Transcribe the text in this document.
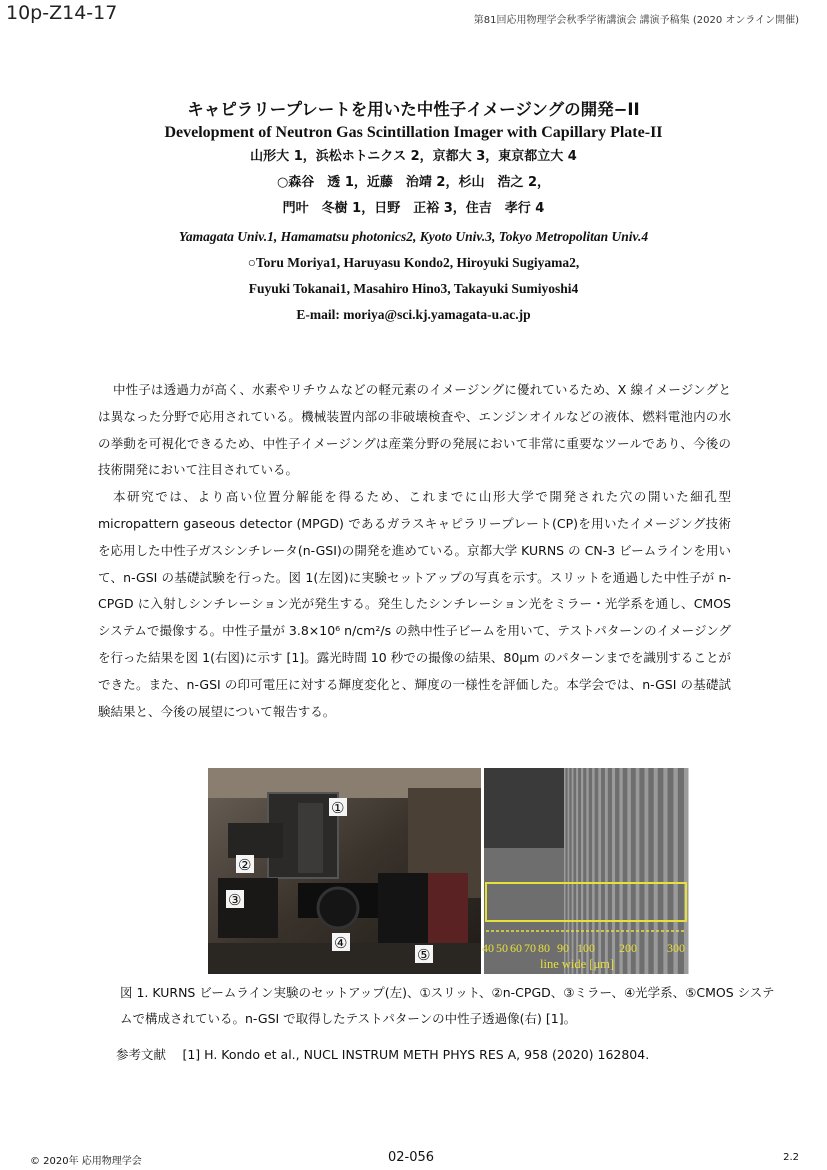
10p-Z14-17	第81回応用物理学会秋季学術講演会 講演予稿集 (2020 オンライン開催)
キャピラリープレートを用いた中性子イメージングの開発−II
Development of Neutron Gas Scintillation Imager with Capillary Plate-II
山形大 1，浜松ホトニクス 2，京都大 3，東京都立大 4
○森谷　透 1，近藤　治靖 2，杉山　浩之 2，
門叶　冬樹 1，日野　正裕 3，住吉　孝行 4
Yamagata Univ.1, Hamamatsu photonics2, Kyoto Univ.3, Tokyo Metropolitan Univ.4
○Toru Moriya1, Haruyasu Kondo2, Hiroyuki Sugiyama2,
Fuyuki Tokanai1, Masahiro Hino3, Takayuki Sumiyoshi4
E-mail: moriya@sci.kj.yamagata-u.ac.jp

中性子は透過力が高く、水素やリチウムなどの軽元素のイメージングに優れているため、X 線イメージングとは異なった分野で応用されている。機械装置内部の非破壊検査や、エンジンオイルなどの液体、燃料電池内の水の挙動を可視化できるため、中性子イメージングは産業分野の発展において非常に重要なツールであり、今後の技術開発において注目されている。

本研究では、より高い位置分解能を得るため、これまでに山形大学で開発された穴の開いた細孔型 micropattern gaseous detector (MPGD) であるガラスキャピラリープレート(CP)を用いたイメージング技術を応用した中性子ガスシンチレータ(n-GSI)の開発を進めている。京都大学 KURNS の CN-3 ビームラインを用いて、n-GSI の基礎試験を行った。図 1(左図)に実験セットアップの写真を示す。スリットを通過した中性子が n-CPGD に入射しシンチレーション光が発生する。発生したシンチレーション光をミラー・光学系を通し、CMOS システムで撮像する。中性子量が 3.8×10⁶ n/cm²/s の熱中性子ビームを用いて、テストパターンのイメージングを行った結果を図 1(右図)に示す [1]。露光時間 10 秒での撮像の結果、80μm のパターンまでを識別することができた。また、n-GSI の印可電圧に対する輝度変化と、輝度の一様性を評価した。本学会では、n-GSI の基礎試験結果と、今後の展望について報告する。

①
②
③
④
⑤	40 50 60 70 80 90 100 200	300
line wide [μm]
図 1. KURNS ビームライン実験のセットアップ(左)、①スリット、②n-CPGD、③ミラー、④光学系、⑤CMOS システムで構成されている。n-GSI で取得したテストパターンの中性子透過像(右) [1]。
参考文献　 [1] H. Kondo et al., NUCL INSTRUM METH PHYS RES A, 958 (2020) 162804.
© 2020年 応用物理学会	02-056	2.2
